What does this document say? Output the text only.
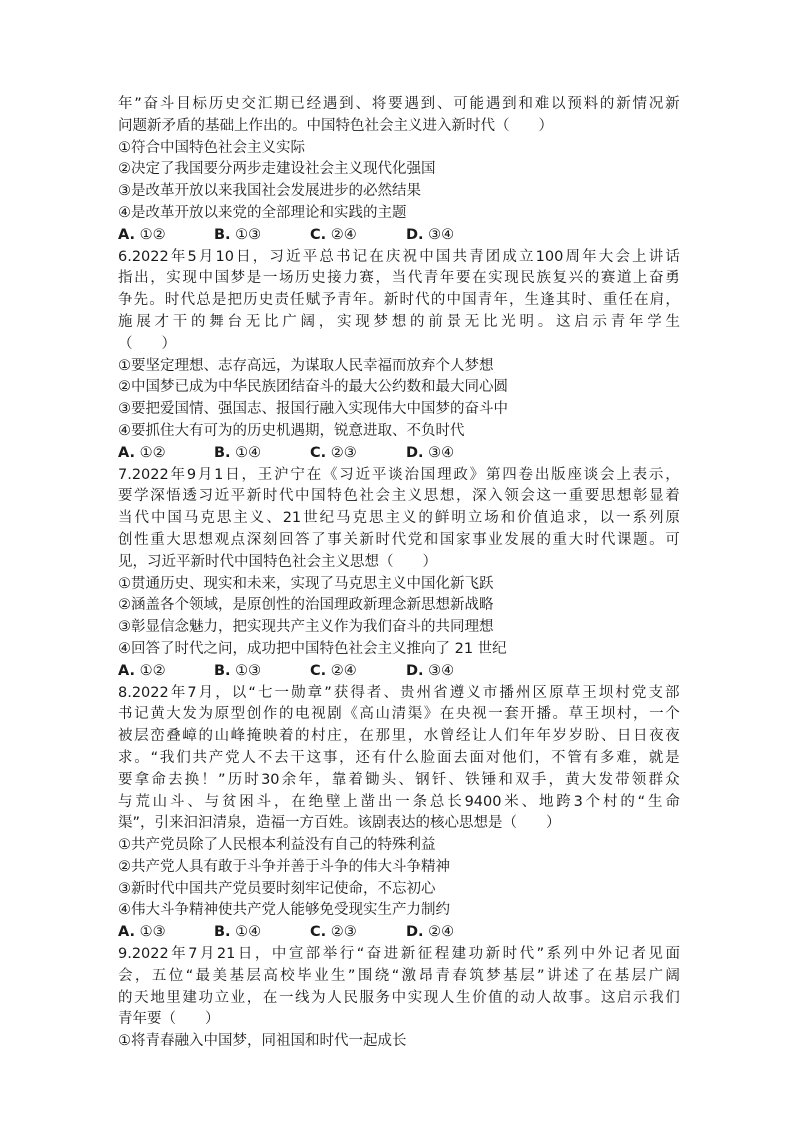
年 ” 奋 斗 目 标 历 史 交 汇 期 已 经 遇 到 、 将 要 遇 到 、 可 能 遇 到 和 难 以 预 料 的 新 情 况 新
问题新矛盾的基础上作出的。中国特色社会主义进入新时代（　　）
①符合中国特色社会主义实际
②决定了我国要分两步走建设社会主义现代化强国
③是改革开放以来我国社会发展进步的必然结果
④是改革开放以来党的全部理论和实践的主题
A. ①②	B. ①③	C. ②④	D. ③④
6.2022 年 5 月 10 日 ， 习 近 平 总 书 记 在 庆 祝 中 国 共 青 团 成 立 100 周 年 大 会 上 讲 话
指 出 ， 实 现 中 国 梦 是 一 场 历 史 接 力 赛 ， 当 代 青 年 要 在 实 现 民 族 复 兴 的 赛 道 上 奋 勇
争 先 。 时 代 总 是 把 历 史 责 任 赋 予 青 年 。 新 时 代 的 中 国 青 年 ， 生 逢 其 时 、 重 任 在 肩 ，
施 展 才 干 的 舞 台 无 比 广 阔 ， 实 现 梦 想 的 前 景 无 比 光 明 。 这 启 示 青 年 学 生
（　　）
①要坚定理想、志存高远，为谋取人民幸福而放弃个人梦想
②中国梦已成为中华民族团结奋斗的最大公约数和最大同心圆
③要把爱国情、强国志、报国行融入实现伟大中国梦的奋斗中
④要抓住大有可为的历史机遇期，锐意进取、不负时代
A. ①②	B. ①④	C. ②③	D. ③④
7.2022 年 9 月 1 日 ， 王 沪 宁 在 《 习 近 平 谈 治 国 理 政 》 第 四 卷 出 版 座 谈 会 上 表 示 ，
要 学 深 悟 透 习 近 平 新 时 代 中 国 特 色 社 会 主 义 思 想 ， 深 入 领 会 这 一 重 要 思 想 彰 显 着
当 代 中 国 马 克 思 主 义 、 21 世 纪 马 克 思 主 义 的 鲜 明 立 场 和 价 值 追 求 ， 以 一 系 列 原
创 性 重 大 思 想 观 点 深 刻 回 答 了 事 关 新 时 代 党 和 国 家 事 业 发 展 的 重 大 时 代 课 题 。 可
见，习近平新时代中国特色社会主义思想（　　）
①贯通历史、现实和未来，实现了马克思主义中国化新飞跃
②涵盖各个领域，是原创性的治国理政新理念新思想新战略
③彰显信念魅力，把实现共产主义作为我们奋斗的共同理想
④回答了时代之问，成功把中国特色社会主义推向了 21 世纪
A. ①②	B. ①③	C. ②④	D. ③④
8.2022 年 7 月 ， 以 “ 七 一 勋 章 ” 获 得 者 、 贵 州 省 遵 义 市 播 州 区 原 草 王 坝 村 党 支 部
书 记 黄 大 发 为 原 型 创 作 的 电 视 剧 《 高 山 清 渠 》 在 央 视 一 套 开 播 。 草 王 坝 村 ， 一 个
被 层 峦 叠 嶂 的 山 峰 掩 映 着 的 村 庄 ， 在 那 里 ， 水 曾 经 让 人 们 年 年 岁 岁 盼 、 日 日 夜 夜
求 。 “ 我 们 共 产 党 人 不 去 干 这 事 ， 还 有 什 么 脸 面 去 面 对 他 们 ， 不 管 有 多 难 ， 就 是
要 拿 命 去 换 ！ ” 历 时 30 余 年 ， 靠 着 锄 头 、 钢 钎 、 铁 锤 和 双 手 ， 黄 大 发 带 领 群 众
与 荒 山 斗 、 与 贫 困 斗 ， 在 绝 壁 上 凿 出 一 条 总 长 9400 米 、 地 跨 3 个 村 的 “ 生 命
渠”，引来汩汩清泉，造福一方百姓。该剧表达的核心思想是（　　）
①共产党员除了人民根本利益没有自己的特殊利益
②共产党人具有敢于斗争并善于斗争的伟大斗争精神
③新时代中国共产党员要时刻牢记使命，不忘初心
④伟大斗争精神使共产党人能够免受现实生产力制约
A. ①③	B. ①④	C. ②③	D. ②④
9.2022 年 7 月 21 日 ， 中 宣 部 举 行 “ 奋 进 新 征 程 建 功 新 时 代 ” 系 列 中 外 记 者 见 面
会 ， 五 位 “ 最 美 基 层 高 校 毕 业 生 ” 围 绕 “ 激 昂 青 春 筑 梦 基 层 ” 讲 述 了 在 基 层 广 阔
的 天 地 里 建 功 立 业 ， 在 一 线 为 人 民 服 务 中 实 现 人 生 价 值 的 动 人 故 事 。 这 启 示 我 们
青年要（　　）
①将青春融入中国梦，同祖国和时代一起成长
